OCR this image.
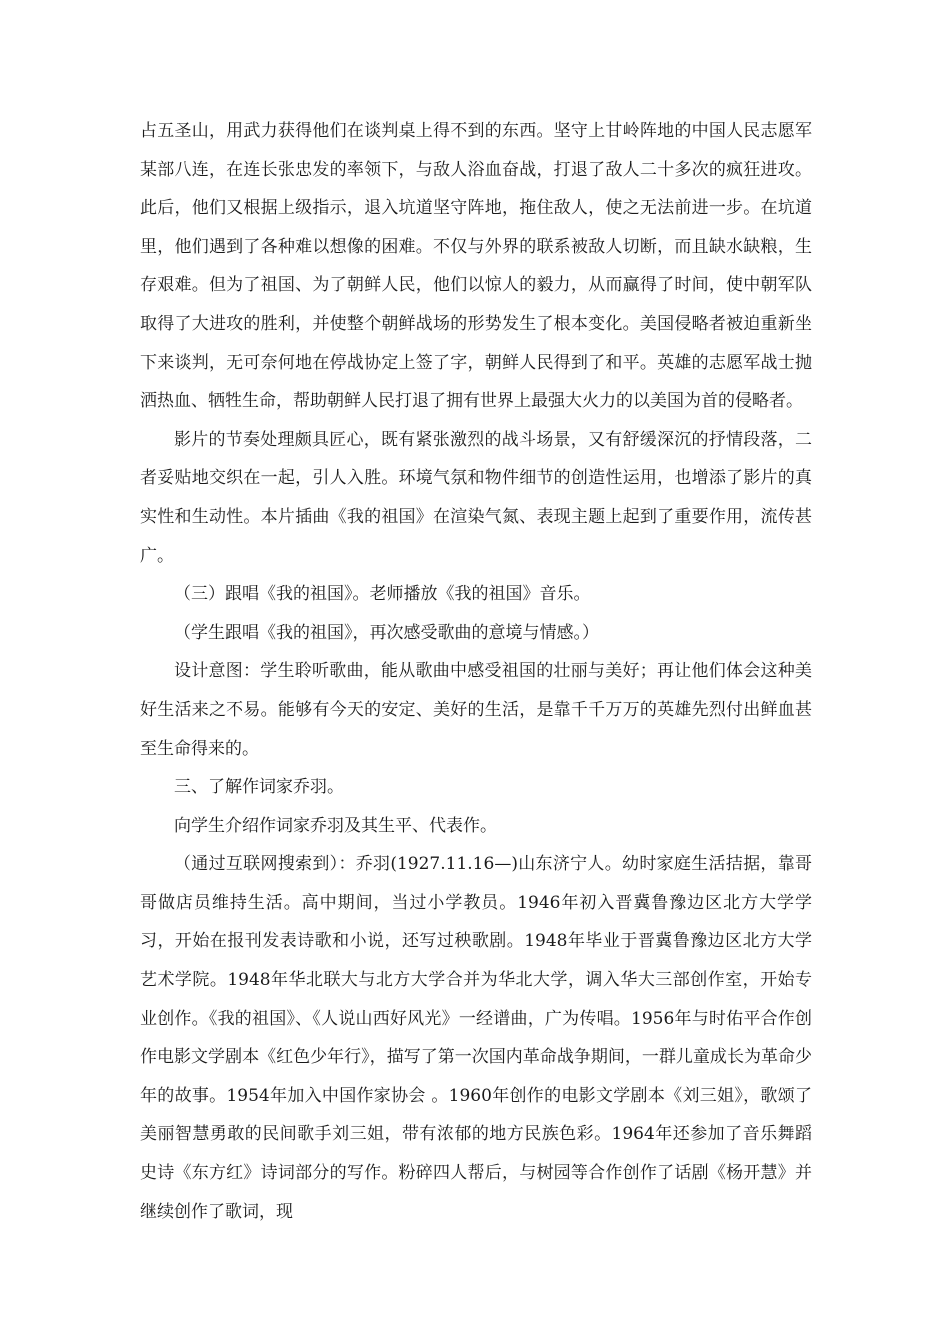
占五圣山，用武力获得他们在谈判桌上得不到的东西。坚守上甘岭阵地的中国人民志愿军某部八连，在连长张忠发的率领下，与敌人浴血奋战，打退了敌人二十多次的疯狂进攻。此后，他们又根据上级指示，退入坑道坚守阵地，拖住敌人，使之无法前进一步。在坑道里，他们遇到了各种难以想像的困难。不仅与外界的联系被敌人切断，而且缺水缺粮，生存艰难。但为了祖国、为了朝鲜人民，他们以惊人的毅力，从而赢得了时间，使中朝军队取得了大进攻的胜利，并使整个朝鲜战场的形势发生了根本变化。美国侵略者被迫重新坐下来谈判，无可奈何地在停战协定上签了字，朝鲜人民得到了和平。英雄的志愿军战士抛洒热血、牺牲生命，帮助朝鲜人民打退了拥有世界上最强大火力的以美国为首的侵略者。

影片的节奏处理颇具匠心，既有紧张激烈的战斗场景，又有舒缓深沉的抒情段落，二者妥贴地交织在一起，引人入胜。环境气氛和物件细节的创造性运用，也增添了影片的真实性和生动性。本片插曲《我的祖国》在渲染气氮、表现主题上起到了重要作用，流传甚广。

（三）跟唱《我的祖国》。老师播放《我的祖国》音乐。

（学生跟唱《我的祖国》，再次感受歌曲的意境与情感。）

设计意图：学生聆听歌曲，能从歌曲中感受祖国的壮丽与美好；再让他们体会这种美好生活来之不易。能够有今天的安定、美好的生活，是靠千千万万的英雄先烈付出鲜血甚至生命得来的。

三、了解作词家乔羽。

向学生介绍作词家乔羽及其生平、代表作。

（通过互联网搜索到）：乔羽(1927.11.16—)山东济宁人。幼时家庭生活拮据，靠哥哥做店员维持生活。高中期间，当过小学教员。1946年初入晋冀鲁豫边区北方大学学习，开始在报刊发表诗歌和小说，还写过秧歌剧。1948年毕业于晋冀鲁豫边区北方大学艺术学院。1948年华北联大与北方大学合并为华北大学，调入华大三部创作室，开始专业创作。《我的祖国》、《人说山西好风光》一经谱曲，广为传唱。1956年与时佑平合作创作电影文学剧本《红色少年行》，描写了第一次国内革命战争期间，一群儿童成长为革命少年的故事。1954年加入中国作家协会 。1960年创作的电影文学剧本《刘三姐》，歌颂了美丽智慧勇敢的民间歌手刘三姐，带有浓郁的地方民族色彩。1964年还参加了音乐舞蹈史诗《东方红》诗词部分的写作。粉碎四人帮后，与树园等合作创作了话剧《杨开慧》并继续创作了歌词，现
